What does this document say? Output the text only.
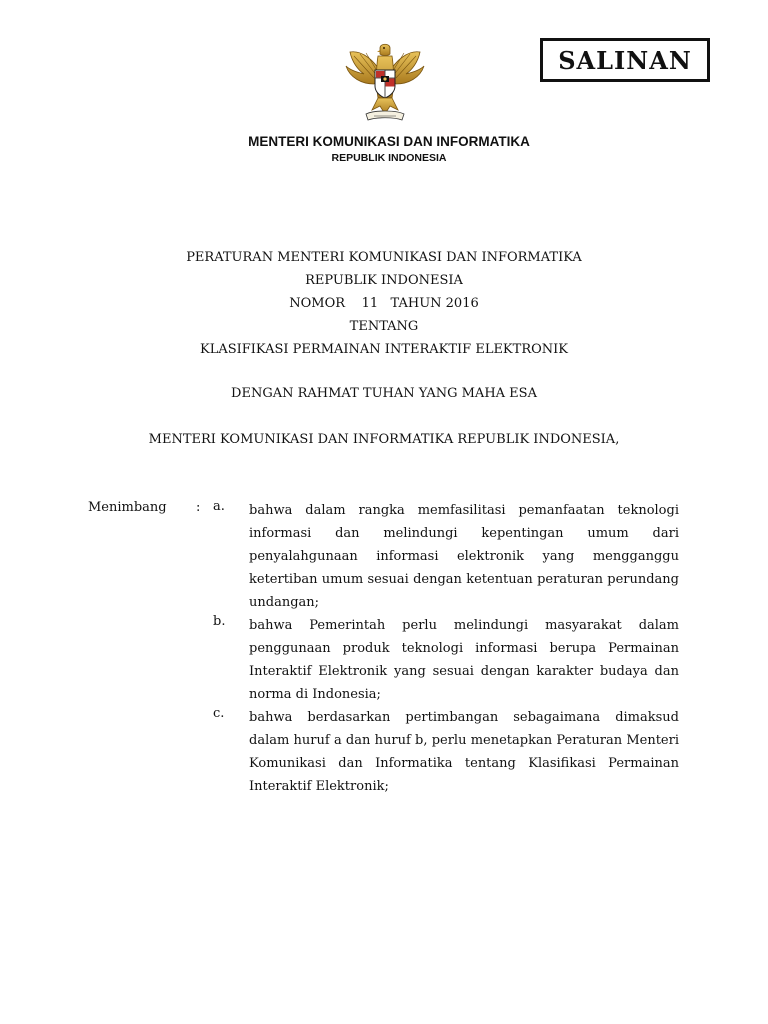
SALINAN
MENTERI KOMUNIKASI DAN INFORMATIKA
REPUBLIK INDONESIA
PERATURAN MENTERI KOMUNIKASI DAN INFORMATIKA
REPUBLIK INDONESIA
NOMOR    11   TAHUN 2016
TENTANG
KLASIFIKASI PERMAINAN INTERAKTIF ELEKTRONIK
DENGAN RAHMAT TUHAN YANG MAHA ESA
MENTERI KOMUNIKASI DAN INFORMATIKA REPUBLIK INDONESIA,
Menimbang : a.	bahwa dalam rangka memfasilitasi pemanfaatan teknologi informasi dan melindungi kepentingan umum dari penyalahgunaan informasi elektronik yang mengganggu ketertiban umum sesuai dengan ketentuan peraturan perundang undangan;
b.	bahwa Pemerintah perlu melindungi masyarakat dalam penggunaan produk teknologi informasi berupa Permainan Interaktif Elektronik yang sesuai dengan karakter budaya dan norma di Indonesia;
c.	bahwa berdasarkan pertimbangan sebagaimana dimaksud dalam huruf a dan huruf b, perlu menetapkan Peraturan Menteri Komunikasi dan Informatika tentang Klasifikasi Permainan Interaktif Elektronik;
